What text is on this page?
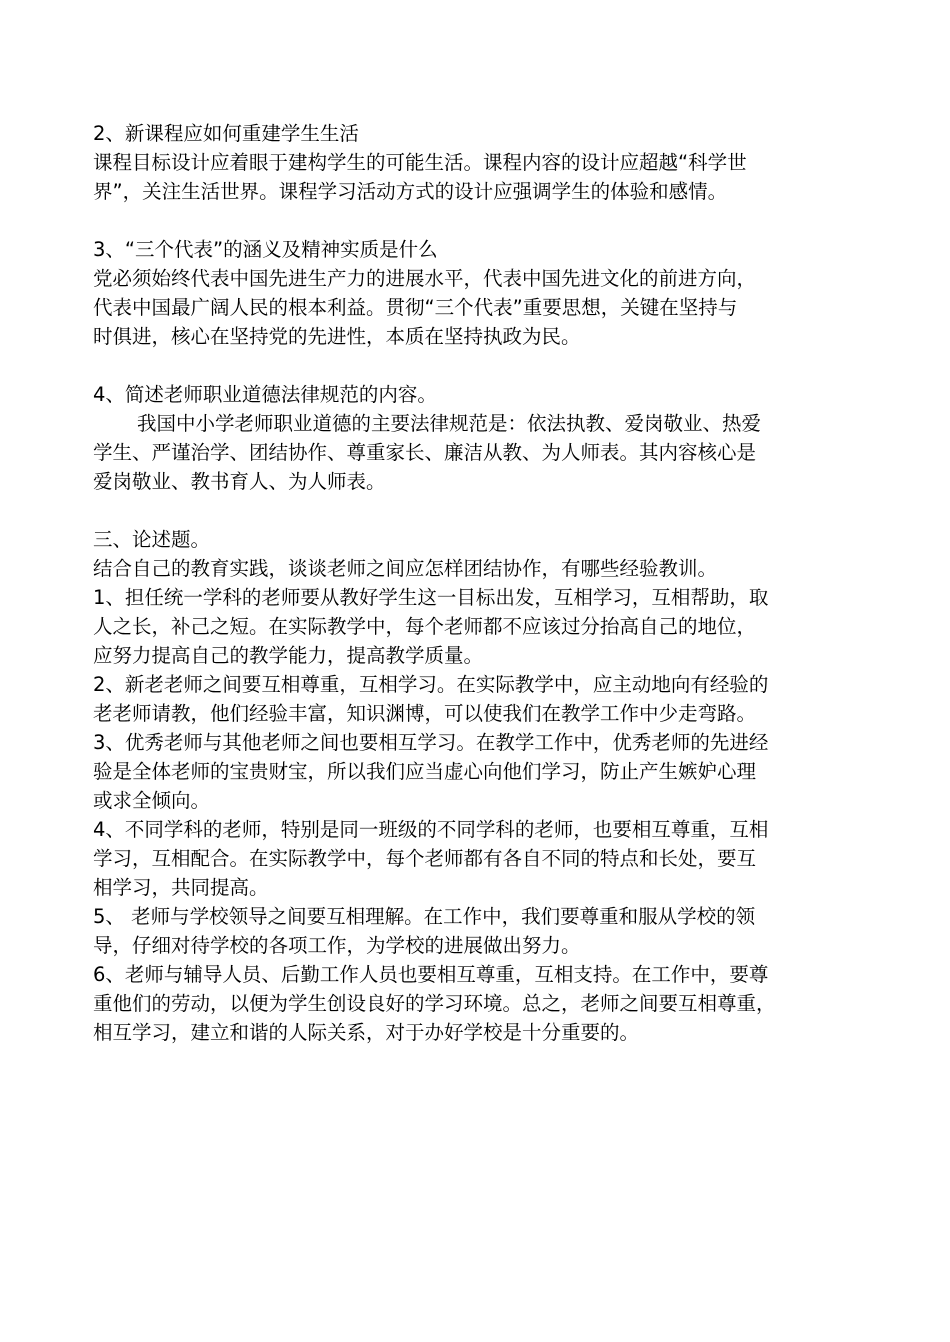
2、新课程应如何重建学生生活
课程目标设计应着眼于建构学生的可能生活。课程内容的设计应超越“科学世
界”，关注生活世界。课程学习活动方式的设计应强调学生的体验和感情。
3、“三个代表”的涵义及精神实质是什么
党必须始终代表中国先进生产力的进展水平，代表中国先进文化的前进方向，
代表中国最广阔人民的根本利益。贯彻“三个代表”重要思想，关键在坚持与
时俱进，核心在坚持党的先进性，本质在坚持执政为民。
4、简述老师职业道德法律规范的内容。
我国中小学老师职业道德的主要法律规范是：依法执教、爱岗敬业、热爱
学生、严谨治学、团结协作、尊重家长、廉洁从教、为人师表。其内容核心是
爱岗敬业、教书育人、为人师表。
三、论述题。
结合自己的教育实践，谈谈老师之间应怎样团结协作，有哪些经验教训。
1、担任统一学科的老师要从教好学生这一目标出发，互相学习，互相帮助，取
人之长，补己之短。在实际教学中，每个老师都不应该过分抬高自己的地位，
应努力提高自己的教学能力，提高教学质量。
2、新老老师之间要互相尊重，互相学习。在实际教学中，应主动地向有经验的
老老师请教，他们经验丰富，知识渊博，可以使我们在教学工作中少走弯路。
3、优秀老师与其他老师之间也要相互学习。在教学工作中，优秀老师的先进经
验是全体老师的宝贵财宝，所以我们应当虚心向他们学习，防止产生嫉妒心理
或求全倾向。
4、不同学科的老师，特别是同一班级的不同学科的老师，也要相互尊重，互相
学习，互相配合。在实际教学中，每个老师都有各自不同的特点和长处，要互
相学习，共同提高。
5、 老师与学校领导之间要互相理解。在工作中，我们要尊重和服从学校的领
导，仔细对待学校的各项工作，为学校的进展做出努力。
6、老师与辅导人员、后勤工作人员也要相互尊重，互相支持。在工作中，要尊
重他们的劳动，以便为学生创设良好的学习环境。总之，老师之间要互相尊重，
相互学习，建立和谐的人际关系，对于办好学校是十分重要的。
